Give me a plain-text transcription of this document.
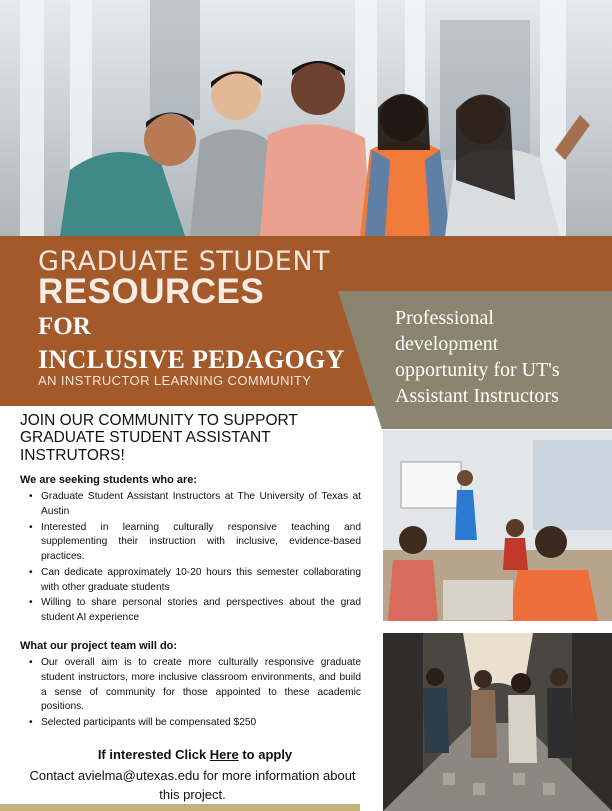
GRADUATE STUDENT
RESOURCES
FOR
INCLUSIVE PEDAGOGY
AN INSTRUCTOR LEARNING COMMUNITY
Professional
development
opportunity for UT's
Assistant Instructors
JOIN OUR COMMUNITY TO SUPPORT
GRADUATE STUDENT ASSISTANT
INSTRUTORS!
We are seeking students who are:
• Graduate Student Assistant Instructors at The University of Texas at Austin
• Interested in learning culturally responsive teaching and supplementing their instruction with inclusive, evidence-based practices.
• Can dedicate approximately 10-20 hours this semester collaborating with other graduate students
• Willing to share personal stories and perspectives about the grad student AI experience
What our project team will do:
• Our overall aim is to create more culturally responsive graduate student instructors, more inclusive classroom environments, and build a sense of community for those appointed to these academic positions.
• Selected participants will be compensated $250
If interested Click Here to apply
Contact avielma@utexas.edu for more information about
this project.
